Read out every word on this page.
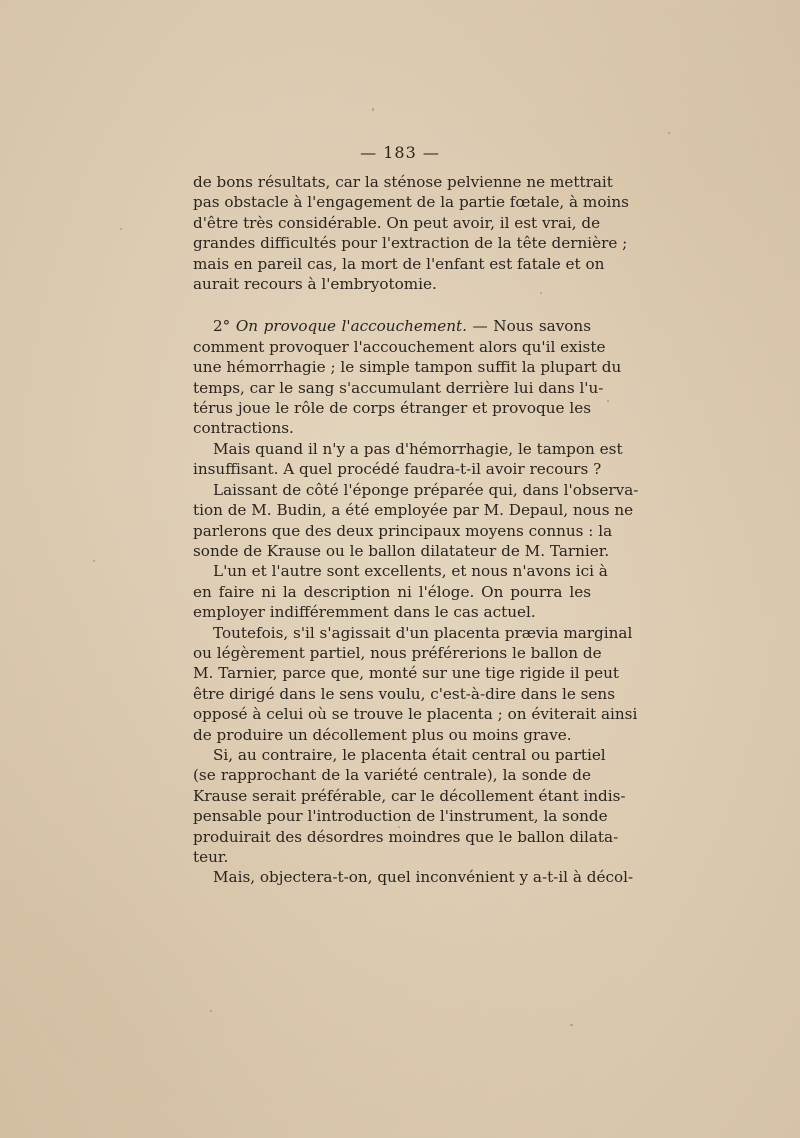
— 183 —
de bons résultats, car la sténose pelvienne ne mettrait
pas obstacle à l'engagement de la partie fœtale, à moins
d'être très considérable. On peut avoir, il est vrai, de
grandes difficultés pour l'extraction de la tête dernière ;
mais en pareil cas, la mort de l'enfant est fatale et on
aurait recours à l'embryotomie.
2° On provoque l'accouchement. — Nous savons
comment provoquer l'accouchement alors qu'il existe
une hémorrhagie ; le simple tampon suffit la plupart du
temps, car le sang s'accumulant derrière lui dans l'u-
térus joue le rôle de corps étranger et provoque les
contractions.
Mais quand il n'y a pas d'hémorrhagie, le tampon est
insuffisant. A quel procédé faudra-t-il avoir recours ?
Laissant de côté l'éponge préparée qui, dans l'observa-
tion de M. Budin, a été employée par M. Depaul, nous ne
parlerons que des deux principaux moyens connus : la
sonde de Krause ou le ballon dilatateur de M. Tarnier.
L'un et l'autre sont excellents, et nous n'avons ici à
en faire ni la description ni l'éloge. On pourra les
employer indifféremment dans le cas actuel.
Toutefois, s'il s'agissait d'un placenta prævia marginal
ou légèrement partiel, nous préférerions le ballon de
M. Tarnier, parce que, monté sur une tige rigide il peut
être dirigé dans le sens voulu, c'est-à-dire dans le sens
opposé à celui où se trouve le placenta ; on éviterait ainsi
de produire un décollement plus ou moins grave.
Si, au contraire, le placenta était central ou partiel
(se rapprochant de la variété centrale), la sonde de
Krause serait préférable, car le décollement étant indis-
pensable pour l'introduction de l'instrument, la sonde
produirait des désordres moindres que le ballon dilata-
teur.
Mais, objectera-t-on, quel inconvénient y a-t-il à décol-
